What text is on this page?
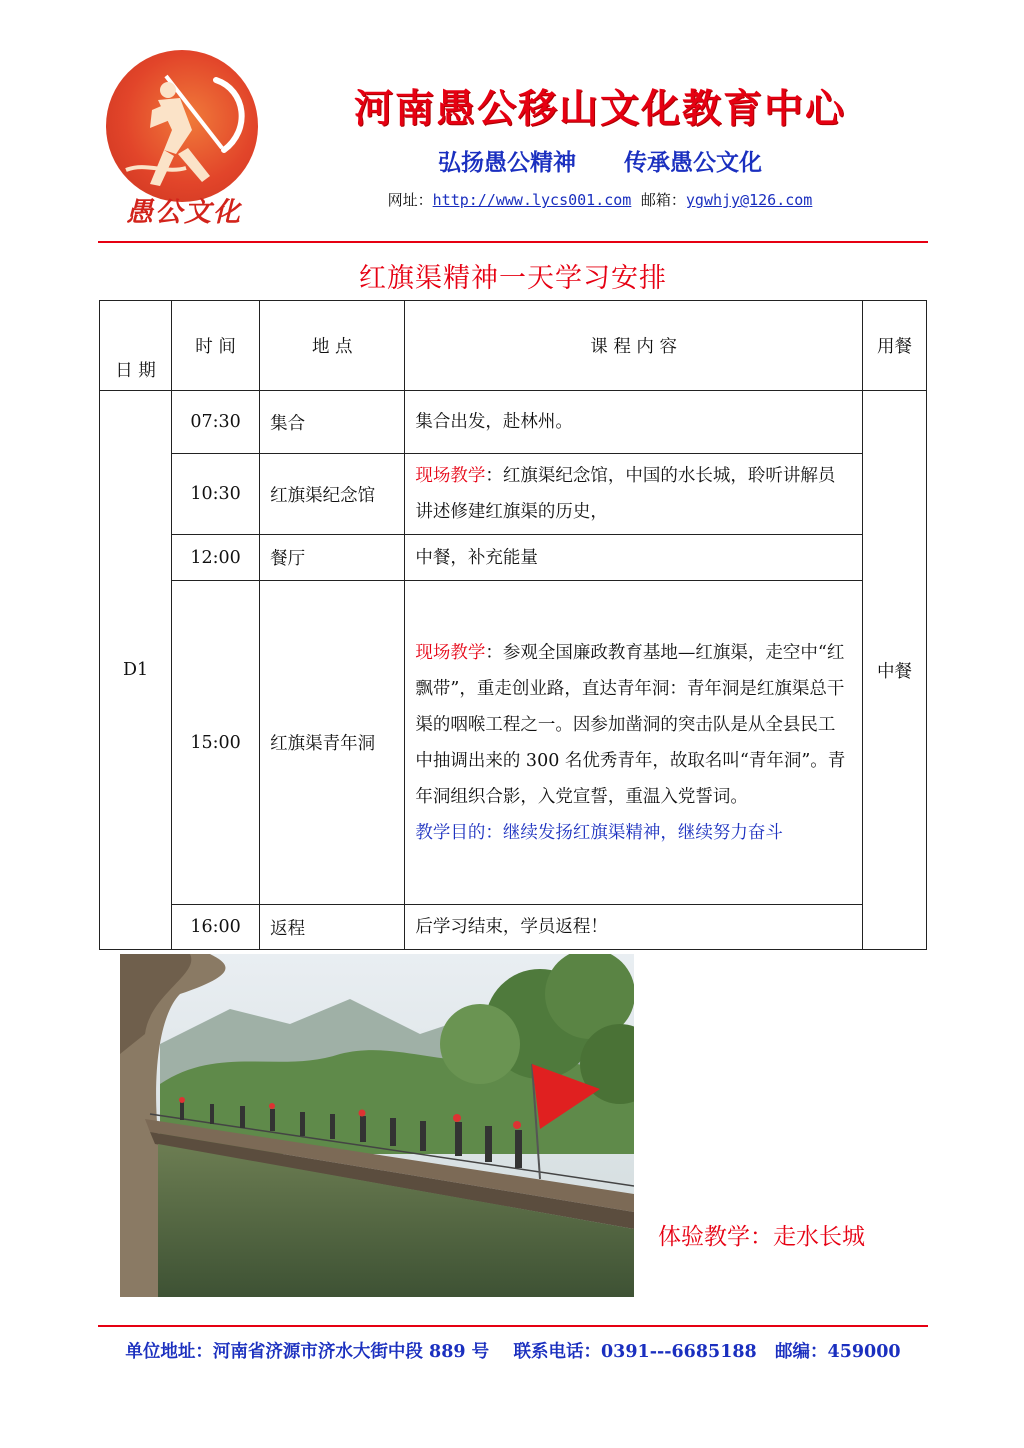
愚公文化
河南愚公移山文化教育中心
弘扬愚公精神      传承愚公文化
网址：http://www.lycs001.com 邮箱：ygwhjy@126.com
红旗渠精神一天学习安排
日 期	时 间	地 点	课 程 内 容	用餐
D1	07:30	集合	集合出发，赴林州。	中餐
	10:30	红旗渠纪念馆	现场教学：红旗渠纪念馆，中国的水长城，聆听讲解员讲述修建红旗渠的历史，	
	12:00	餐厅	中餐，补充能量	
	15:00	红旗渠青年洞	现场教学：参观全国廉政教育基地—红旗渠，走空中“红飘带”，重走创业路，直达青年洞：青年洞是红旗渠总干渠的咽喉工程之一。因参加凿洞的突击队是从全县民工中抽调出来的 300 名优秀青年，故取名叫“青年洞”。青年洞组织合影，入党宣誓，重温入党誓词。
教学目的：继续发扬红旗渠精神，继续努力奋斗	
	16:00	返程	后学习结束，学员返程！	
体验教学：走水长城
单位地址：河南省济源市济水大街中段 889 号    联系电话：0391---6685188   邮编：459000
